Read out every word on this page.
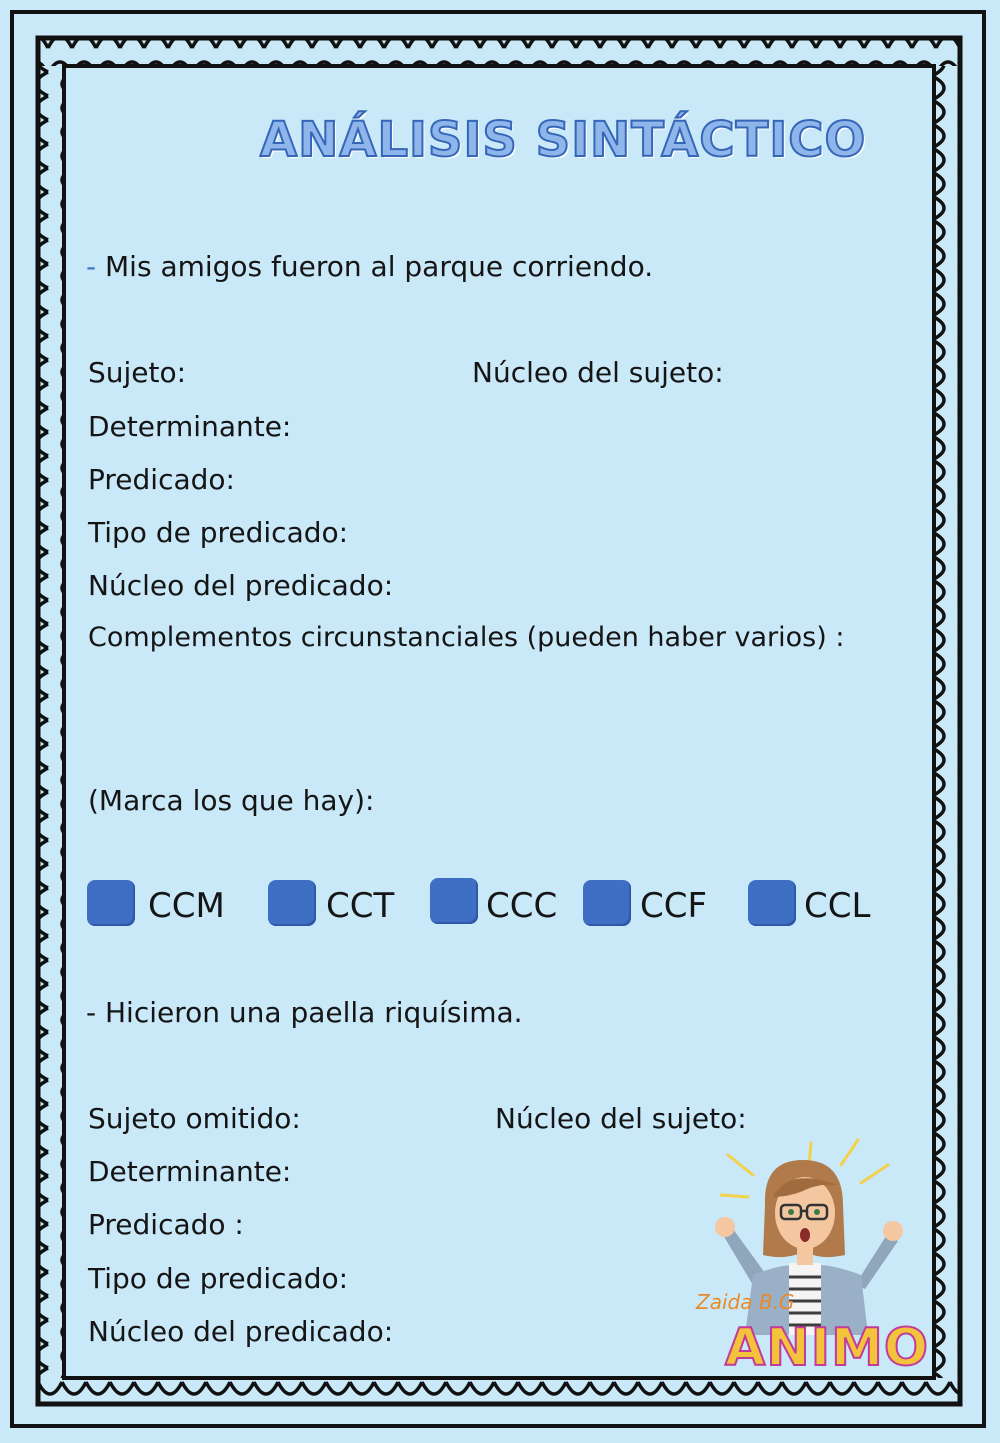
ANÁLISIS SINTÁCTICO
- Mis amigos fueron al parque corriendo.
Sujeto:	Núcleo del sujeto:
Determinante:
Predicado:
Tipo de predicado:
Núcleo del predicado:
Complementos circunstanciales (pueden haber varios) :
(Marca los que hay):
CCM	CCT	CCC CCF	CCL
- Hicieron una paella riquísima.
Sujeto omitido:	Núcleo del sujeto:
Determinante:
Predicado :
Tipo de predicado:
Núcleo del predicado:
Zaida B.G
ANIMO
